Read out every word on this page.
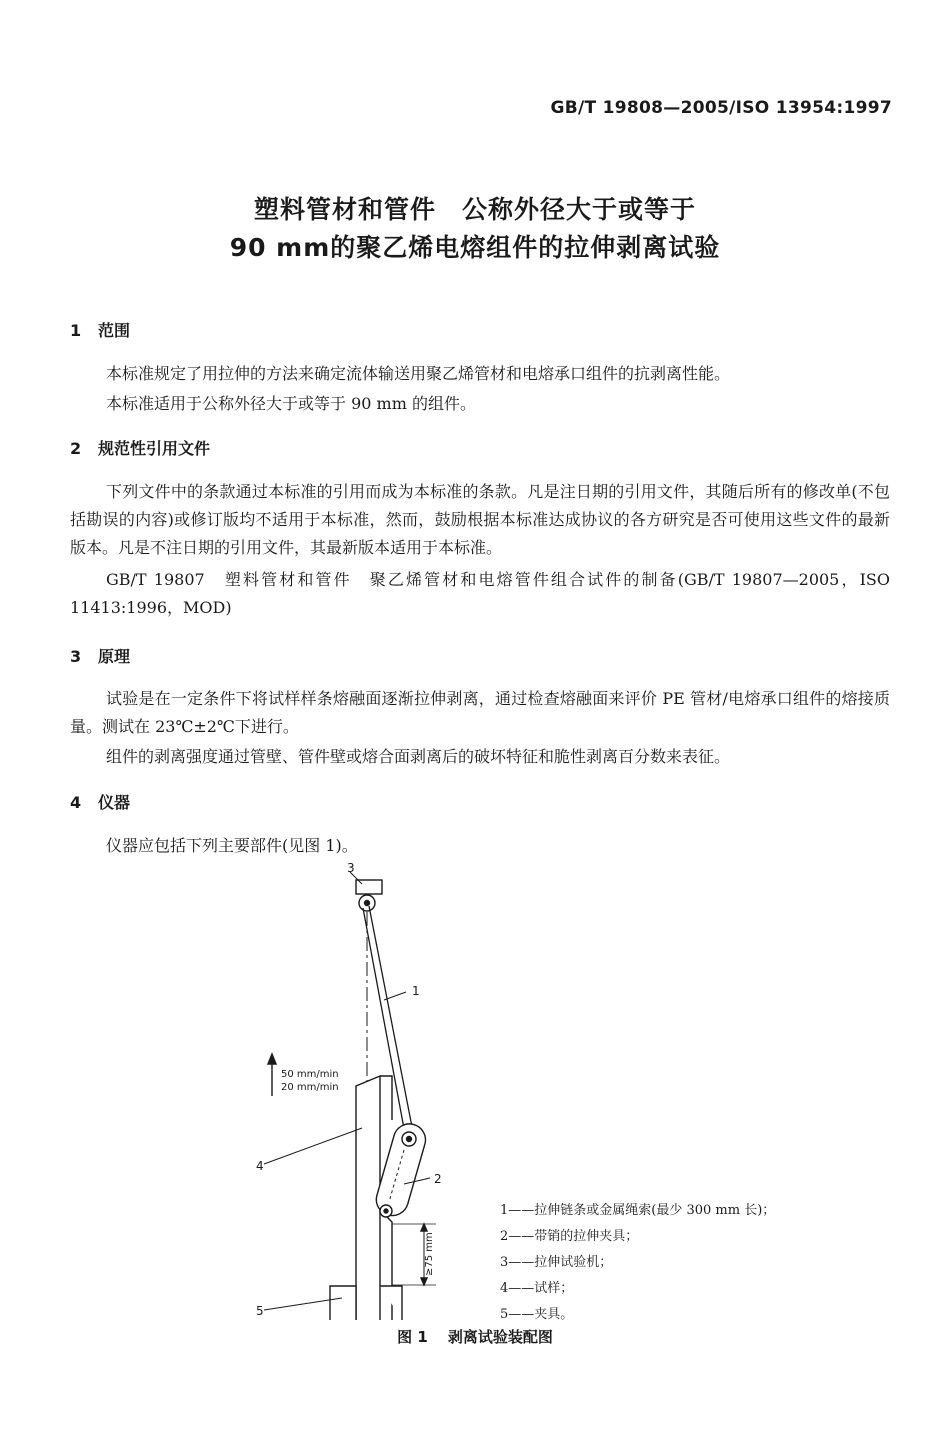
GB/T 19808—2005/ISO 13954:1997
塑料管材和管件　公称外径大于或等于
90 mm的聚乙烯电熔组件的拉伸剥离试验
1 范围
本标准规定了用拉伸的方法来确定流体输送用聚乙烯管材和电熔承口组件的抗剥离性能。
本标准适用于公称外径大于或等于 90 mm 的组件。
2 规范性引用文件
下列文件中的条款通过本标准的引用而成为本标准的条款。凡是注日期的引用文件，其随后所有的修改单(不包括勘误的内容)或修订版均不适用于本标准，然而，鼓励根据本标准达成协议的各方研究是否可使用这些文件的最新版本。凡是不注日期的引用文件，其最新版本适用于本标准。
GB/T 19807　塑料管材和管件　聚乙烯管材和电熔管件组合试件的制备(GB/T 19807—2005，ISO 11413:1996，MOD)
3 原理
试验是在一定条件下将试样样条熔融面逐渐拉伸剥离，通过检查熔融面来评价 PE 管材/电熔承口组件的熔接质量。测试在 23℃±2℃下进行。
组件的剥离强度通过管壁、管件壁或熔合面剥离后的破坏特征和脆性剥离百分数来表征。
4 仪器
仪器应包括下列主要部件(见图 1)。
1
2
3
4
5
50 mm/min
20 mm/min
≥75 mm
1——拉伸链条或金属绳索(最少 300 mm 长)；
2——带销的拉伸夹具；
3——拉伸试验机；
4——试样；
5——夹具。
图 1 剥离试验装配图
